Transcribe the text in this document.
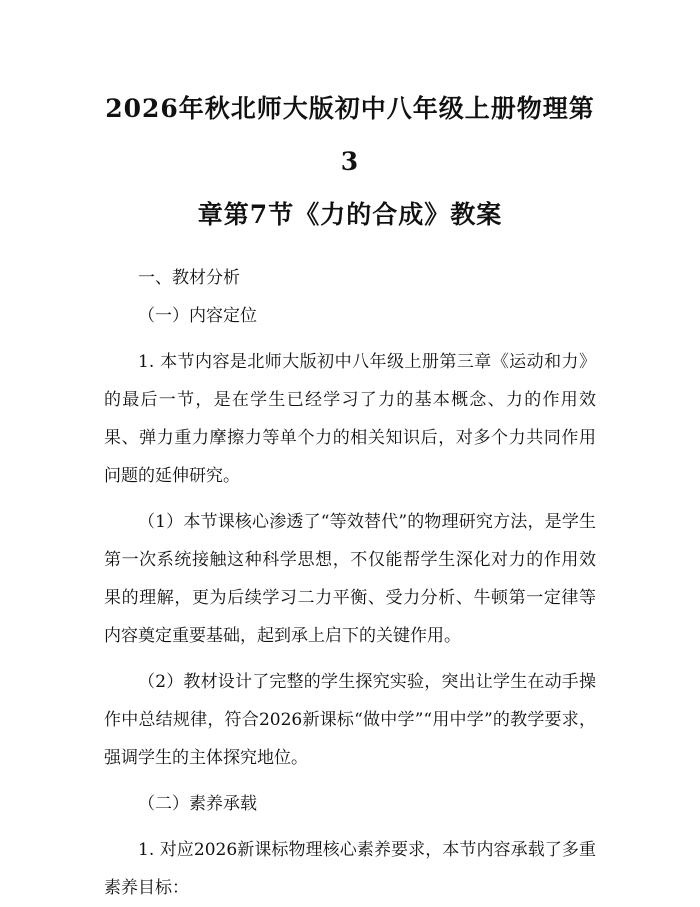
2026年秋北师大版初中八年级上册物理第3
章第7节《力的合成》教案

一、教材分析

（一）内容定位

1. 本节内容是北师大版初中八年级上册第三章《运动和力》的最后一节，是在学生已经学习了力的基本概念、力的作用效果、弹力重力摩擦力等单个力的相关知识后，对多个力共同作用问题的延伸研究。

（1）本节课核心渗透了“等效替代”的物理研究方法，是学生第一次系统接触这种科学思想，不仅能帮学生深化对力的作用效果的理解，更为后续学习二力平衡、受力分析、牛顿第一定律等内容奠定重要基础，起到承上启下的关键作用。

（2）教材设计了完整的学生探究实验，突出让学生在动手操作中总结规律，符合2026新课标“做中学”“用中学”的教学要求，强调学生的主体探究地位。

（二）素养承载

1. 对应2026新课标物理核心素养要求，本节内容承载了多重素养目标：
